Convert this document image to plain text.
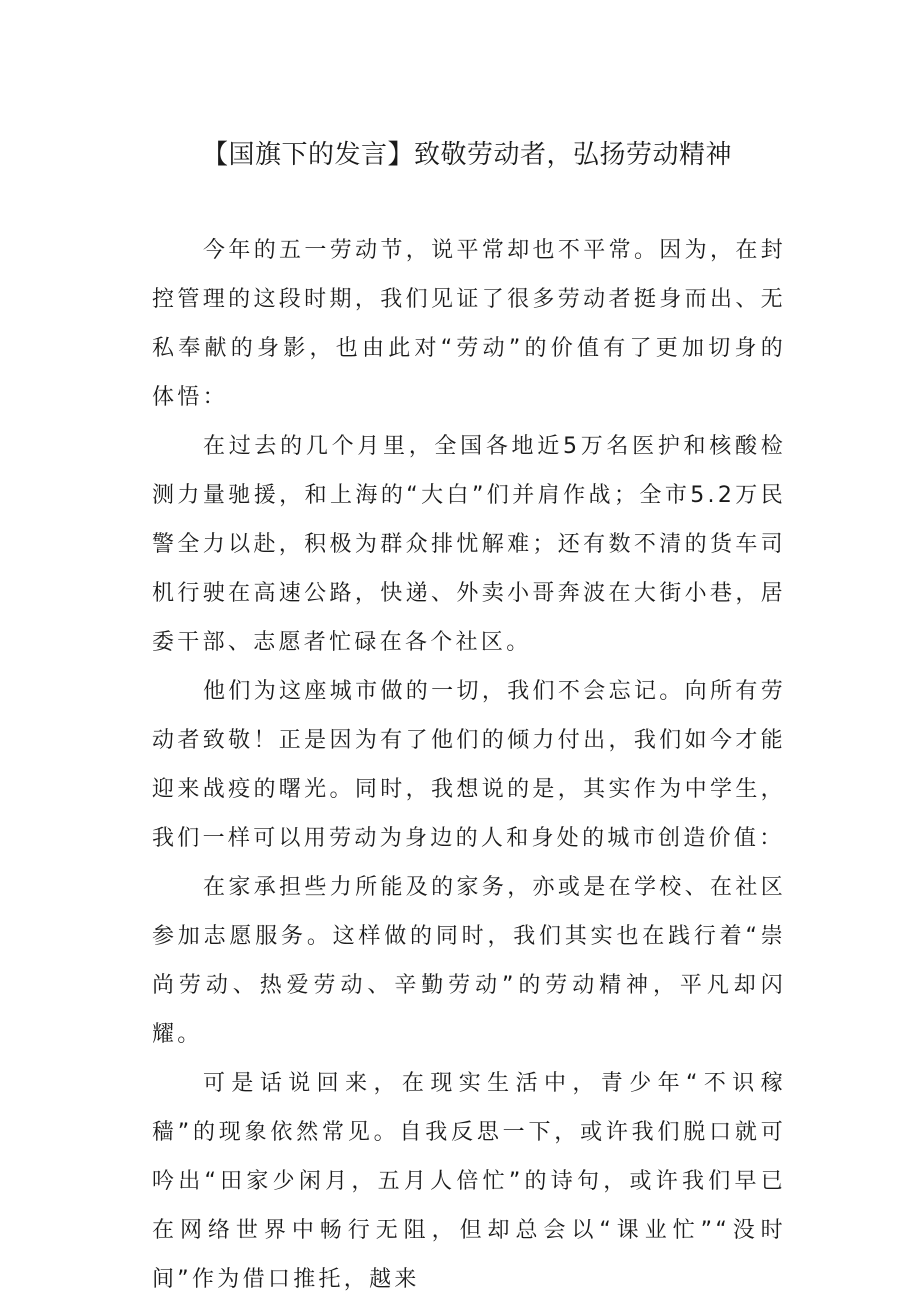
【国旗下的发言】致敬劳动者，弘扬劳动精神

今年的五一劳动节，说平常却也不平常。因为，在封控管理的这段时期，我们见证了很多劳动者挺身而出、无私奉献的身影，也由此对“劳动”的价值有了更加切身的体悟：

在过去的几个月里，全国各地近5万名医护和核酸检测力量驰援，和上海的“大白”们并肩作战；全市5.2万民警全力以赴，积极为群众排忧解难；还有数不清的货车司机行驶在高速公路，快递、外卖小哥奔波在大街小巷，居委干部、志愿者忙碌在各个社区。

他们为这座城市做的一切，我们不会忘记。向所有劳动者致敬！正是因为有了他们的倾力付出，我们如今才能迎来战疫的曙光。同时，我想说的是，其实作为中学生，我们一样可以用劳动为身边的人和身处的城市创造价值：

在家承担些力所能及的家务，亦或是在学校、在社区参加志愿服务。这样做的同时，我们其实也在践行着“崇尚劳动、热爱劳动、辛勤劳动”的劳动精神，平凡却闪耀。

可是话说回来，在现实生活中，青少年“不识稼穑”的现象依然常见。自我反思一下，或许我们脱口就可吟出“田家少闲月，五月人倍忙”的诗句，或许我们早已在网络世界中畅行无阻，但却总会以“课业忙”“没时间”作为借口推托，越来
